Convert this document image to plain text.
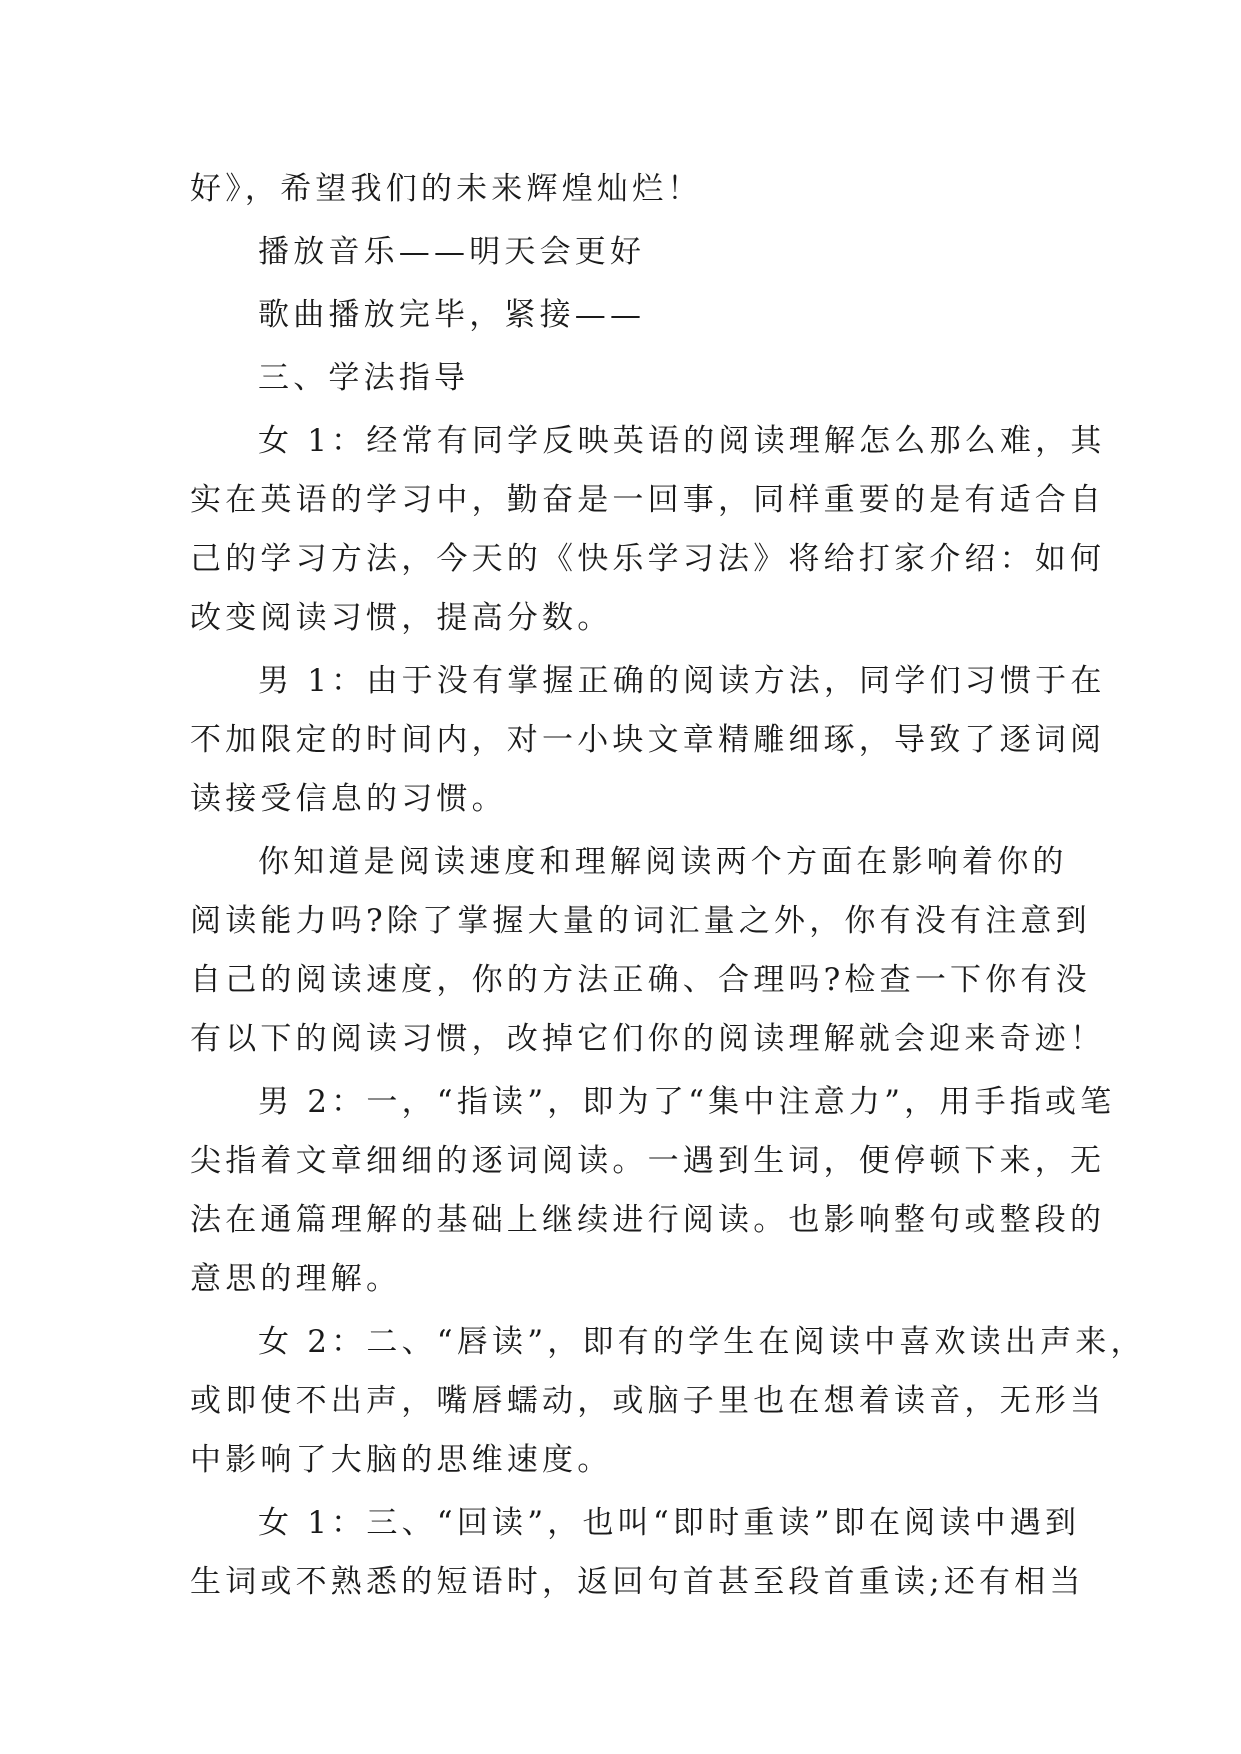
好》，希望我们的未来辉煌灿烂！
播放音乐——明天会更好
歌曲播放完毕，紧接——
三、学法指导
女 1：经常有同学反映英语的阅读理解怎么那么难，其
实在英语的学习中，勤奋是一回事，同样重要的是有适合自
己的学习方法，今天的《快乐学习法》将给打家介绍：如何
改变阅读习惯，提高分数。
男 1：由于没有掌握正确的阅读方法，同学们习惯于在
不加限定的时间内，对一小块文章精雕细琢，导致了逐词阅
读接受信息的习惯。
你知道是阅读速度和理解阅读两个方面在影响着你的
阅读能力吗?除了掌握大量的词汇量之外，你有没有注意到
自己的阅读速度，你的方法正确、合理吗?检查一下你有没
有以下的阅读习惯，改掉它们你的阅读理解就会迎来奇迹！
男 2：一，“指读”，即为了“集中注意力”，用手指或笔
尖指着文章细细的逐词阅读。一遇到生词，便停顿下来，无
法在通篇理解的基础上继续进行阅读。也影响整句或整段的
意思的理解。
女 2：二、“唇读”，即有的学生在阅读中喜欢读出声来，
或即使不出声，嘴唇蠕动，或脑子里也在想着读音，无形当
中影响了大脑的思维速度。
女 1：三、“回读”，也叫“即时重读”即在阅读中遇到
生词或不熟悉的短语时，返回句首甚至段首重读;还有相当
